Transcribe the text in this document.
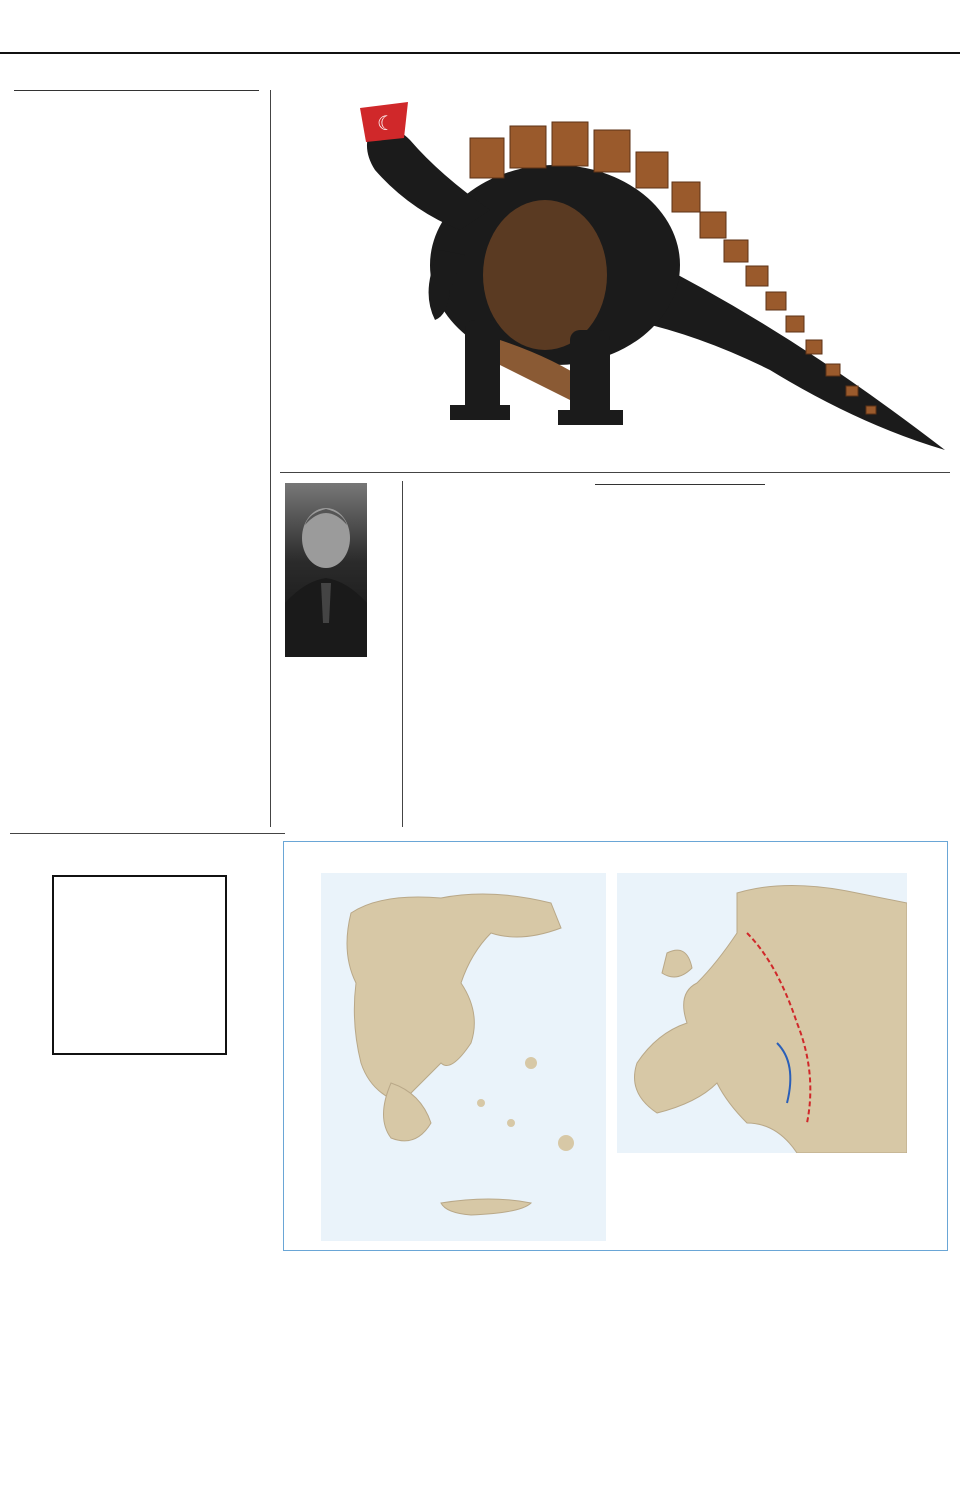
☾
